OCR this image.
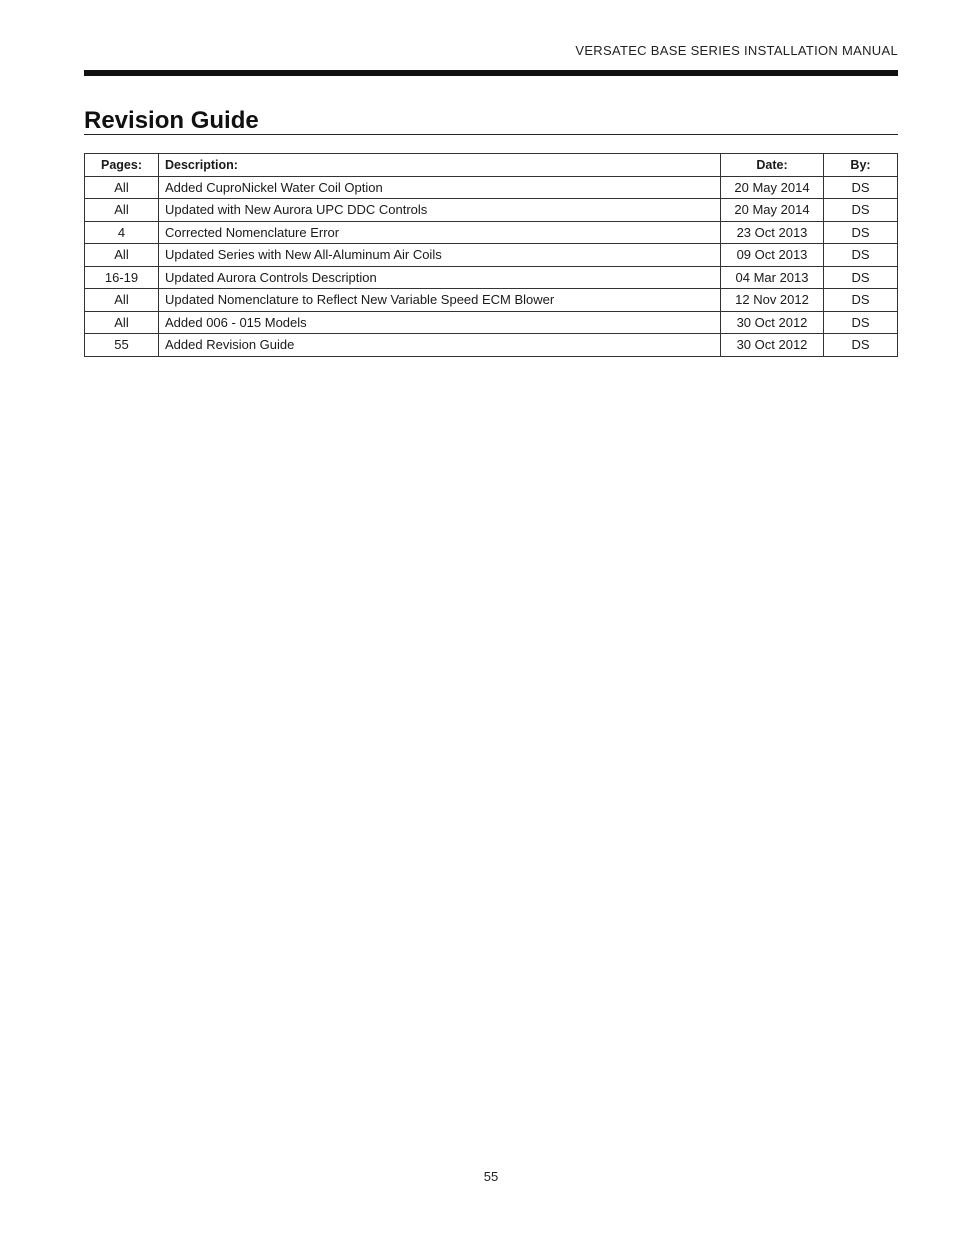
VERSATEC BASE SERIES INSTALLATION MANUAL
Revision Guide
Pages:	Description:	Date:	By:
All	Added CuproNickel Water Coil Option	20 May 2014	DS
All	Updated with New Aurora UPC DDC Controls	20 May 2014	DS
4	Corrected Nomenclature Error	23 Oct 2013	DS
All	Updated Series with New All-Aluminum Air Coils	09 Oct 2013	DS
16-19	Updated Aurora Controls Description	04 Mar 2013	DS
All	Updated Nomenclature to Reflect New Variable Speed ECM Blower	12 Nov 2012	DS
All	Added 006 - 015 Models	30 Oct 2012	DS
55	Added Revision Guide	30 Oct 2012	DS
55
